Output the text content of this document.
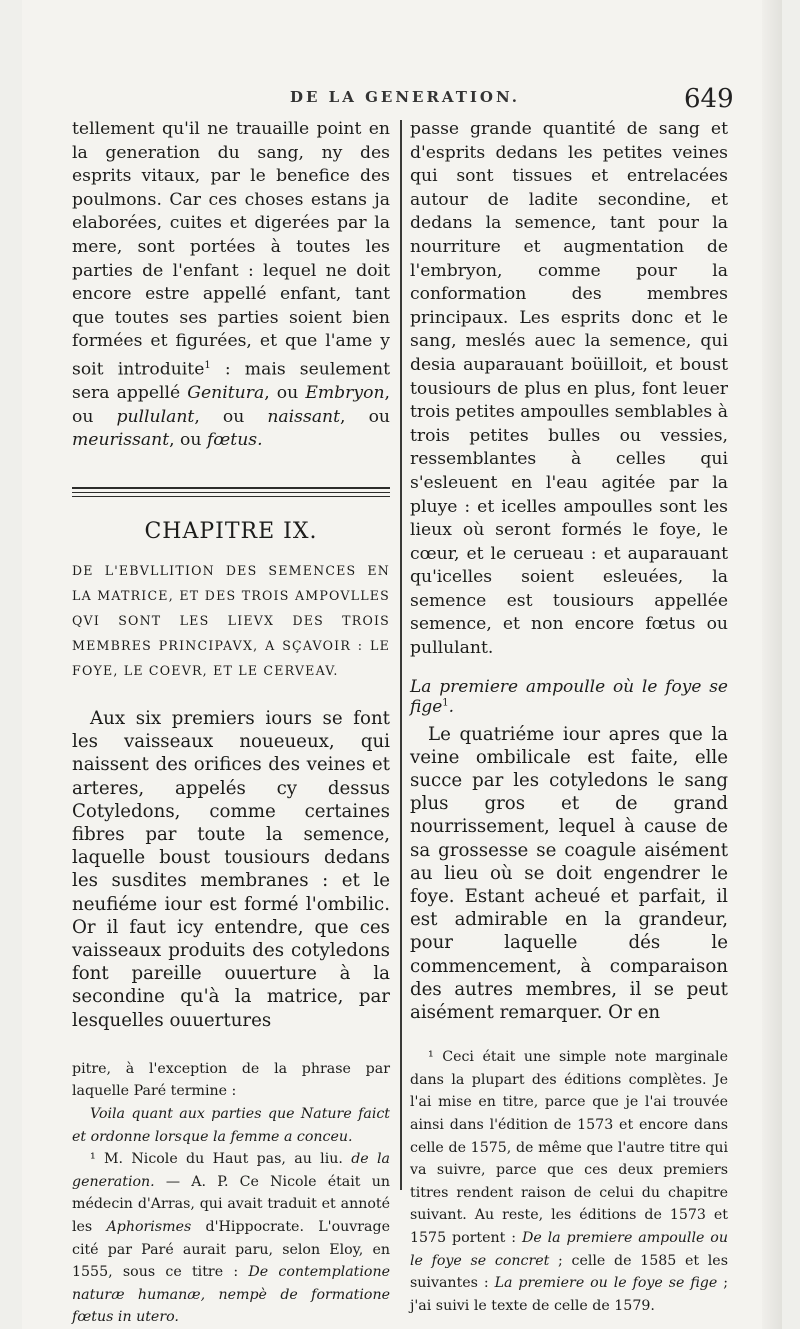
DE LA GENERATION.	649

tellement qu'il ne trauaille point en la generation du sang, ny des esprits vitaux, par le benefice des poulmons. Car ces choses estans ja elaborées, cuites et digerées par la mere, sont portées à toutes les parties de l'enfant : lequel ne doit encore estre appellé enfant, tant que toutes ses parties soient bien formées et figurées, et que l'ame y soit introduite$^1$ : mais seulement sera appellé Genitura, ou Embryon, ou pullulant, ou naissant, ou meurissant, ou fœtus.

CHAPITRE IX.

DE L'EBVLLITION DES SEMENCES EN LA MATRICE, ET DES TROIS AMPOVLLES QVI SONT LES LIEVX DES TROIS MEMBRES PRINCIPAVX, A SÇAVOIR : LE FOYE, LE COEVR, ET LE CERVEAV.

Aux six premiers iours se font les vaisseaux noueueux, qui naissent des orifices des veines et arteres, appelés cy dessus Cotyledons, comme certaines fibres par toute la semence, laquelle boust tousiours dedans les susdites membranes : et le neufiéme iour est formé l'ombilic. Or il faut icy entendre, que ces vaisseaux produits des cotyledons font pareille ouuerture à la secondine qu'à la matrice, par lesquelles ouuertures

pitre, à l'exception de la phrase par laquelle Paré termine :

Voila quant aux parties que Nature faict et ordonne lorsque la femme a conceu.

¹ M. Nicole du Haut pas, au liu. de la generation. — A. P. Ce Nicole était un médecin d'Arras, qui avait traduit et annoté les Aphorismes d'Hippocrate. L'ouvrage cité par Paré aurait paru, selon Eloy, en 1555, sous ce titre : De contemplatione naturæ humanæ, nempè de formatione fœtus in utero.

passe grande quantité de sang et d'esprits dedans les petites veines qui sont tissues et entrelacées autour de ladite secondine, et dedans la semence, tant pour la nourriture et augmentation de l'embryon, comme pour la conformation des membres principaux. Les esprits donc et le sang, meslés auec la semence, qui desia auparauant boüilloit, et boust tousiours de plus en plus, font leuer trois petites ampoulles semblables à trois petites bulles ou vessies, ressemblantes à celles qui s'esleuent en l'eau agitée par la pluye : et icelles ampoulles sont les lieux où seront formés le foye, le cœur, et le cerueau : et auparauant qu'icelles soient esleuées, la semence est tousiours appellée semence, et non encore fœtus ou pullulant.

La premiere ampoulle où le foye se fige$^1$.

Le quatriéme iour apres que la veine ombilicale est faite, elle succe par les cotyledons le sang plus gros et de grand nourrissement, lequel à cause de sa grossesse se coagule aisément au lieu où se doit engendrer le foye. Estant acheué et parfait, il est admirable en la grandeur, pour laquelle dés le commencement, à comparaison des autres membres, il se peut aisément remarquer. Or en

¹ Ceci était une simple note marginale dans la plupart des éditions complètes. Je l'ai mise en titre, parce que je l'ai trouvée ainsi dans l'édition de 1573 et encore dans celle de 1575, de même que l'autre titre qui va suivre, parce que ces deux premiers titres rendent raison de celui du chapitre suivant. Au reste, les éditions de 1573 et 1575 portent : De la premiere ampoulle ou le foye se concret ; celle de 1585 et les suivantes : La premiere ou le foye se fige ; j'ai suivi le texte de celle de 1579.
